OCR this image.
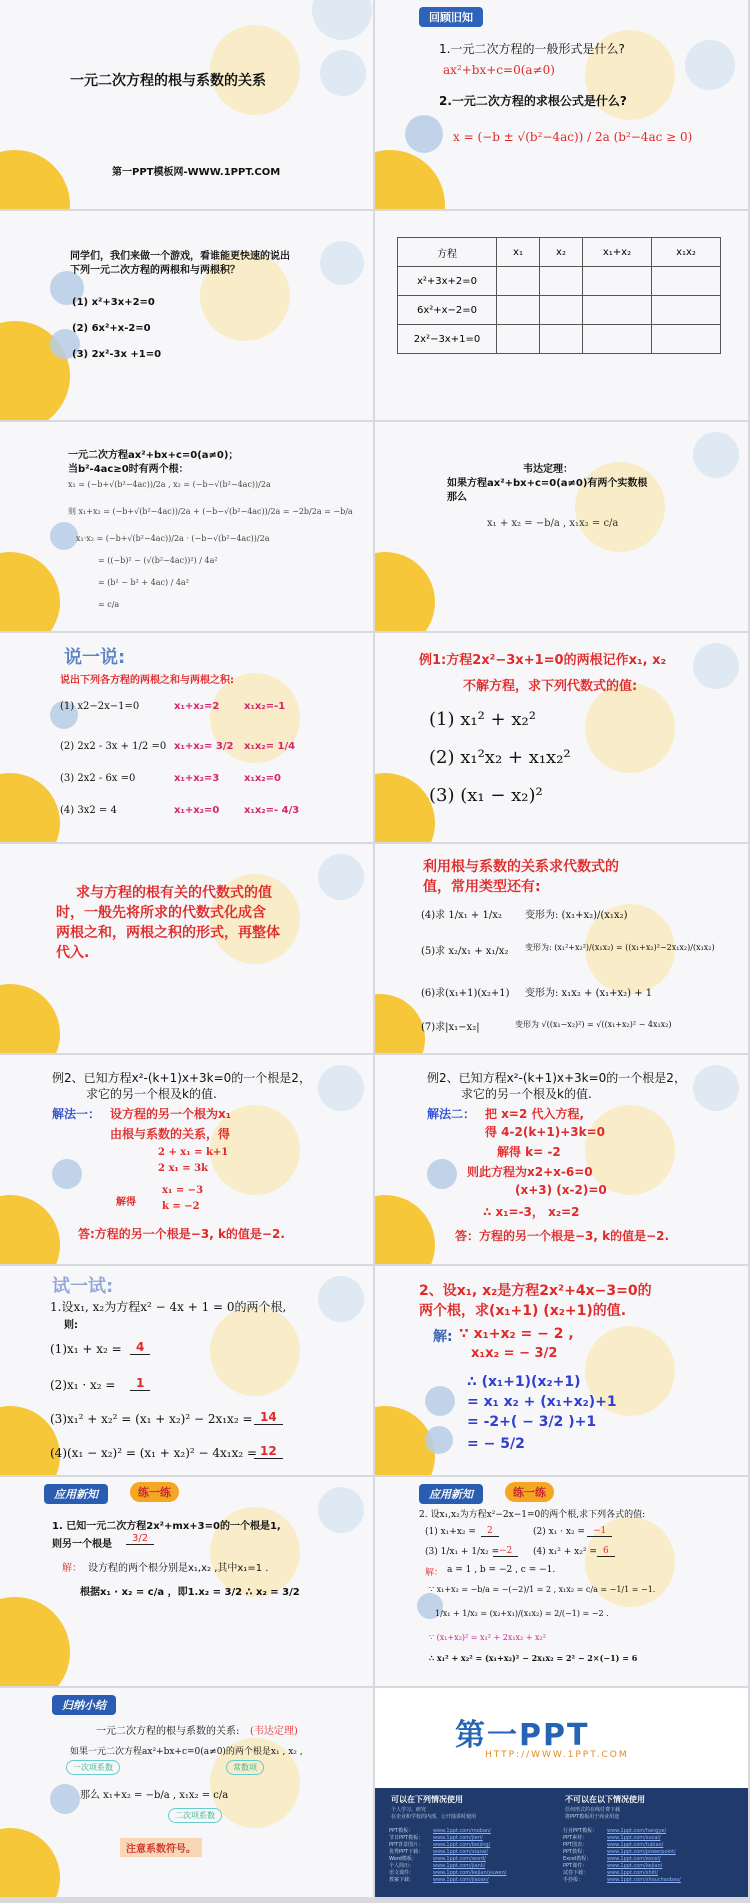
一元二次方程的根与系数的关系
第一PPT模板网-WWW.1PPT.COM
回顾旧知
1.一元二次方程的一般形式是什么?
ax²+bx+c=0(a≠0)
2.一元二次方程的求根公式是什么?
x = (−b ± √(b²−4ac)) / 2a (b²−4ac ≥ 0)
同学们，我们来做一个游戏，看谁能更快速的说出
下列一元二次方程的两根和与两根积？
(1) x²+3x+2=0
(2) 6x²+x-2=0
(3) 2x²-3x +1=0
方程	x₁	x₂	x₁+x₂	x₁x₂
x²+3x+2=0				
6x²+x−2=0				
2x²−3x+1=0				
一元二次方程ax²+bx+c=0(a≠0)；
当b²-4ac≥0时有两个根：
x₁ = (−b+√(b²−4ac))/2a , x₂ = (−b−√(b²−4ac))/2a
则 x₁+x₂ = (−b+√(b²−4ac))/2a + (−b−√(b²−4ac))/2a = −2b/2a = −b/a
x₁·x₂ = (−b+√(b²−4ac))/2a · (−b−√(b²−4ac))/2a
= ((−b)² − (√(b²−4ac))²) / 4a²
= (b² − b² + 4ac) / 4a²
= c/a
韦达定理：
如果方程ax²+bx+c=0(a≠0)有两个实数根
那么
x₁ + x₂ = −b/a , x₁x₂ = c/a
说一说:
说出下列各方程的两根之和与两根之积:
(1) x2−2x−1=0	x₁+x₂=2 x₁x₂=-1
(2) 2x2 - 3x + 1/2 =0 x₁+x₂= 3/2 x₁x₂= 1/4
(3) 2x2 - 6x =0	x₁+x₂=3 x₁x₂=0
(4) 3x2 = 4	x₁+x₂=0 x₁x₂=- 4/3
例1:方程2x²−3x+1=0的两根记作x₁, x₂
不解方程，求下列代数式的值:
(1) x₁² + x₂²
(2) x₁²x₂ + x₁x₂²
(3) (x₁ − x₂)²
求与方程的根有关的代数式的值
时，一般先将所求的代数式化成含
两根之和，两根之积的形式，再整体
代入.
利用根与系数的关系求代数式的
值，常用类型还有:
(4)求 1/x₁ + 1/x₂ 变形为: (x₁+x₂)/(x₁x₂)
(5)求 x₂/x₁ + x₁/x₂ 变形为: (x₁²+x₂²)/(x₁x₂) = ((x₁+x₂)²−2x₁x₂)/(x₁x₂)
(6)求(x₁+1)(x₂+1) 变形为: x₁x₂ + (x₁+x₂) + 1
(7)求|x₁−x₂|	变形为 √((x₁−x₂)²) = √((x₁+x₂)² − 4x₁x₂)
例2、已知方程x²-(k+1)x+3k=0的一个根是2，
求它的另一个根及k的值.
解法一： 设方程的另一个根为x₁
由根与系数的关系，得
2 + x₁ = k+1
2 x₁ = 3k
解得
x₁ = −3
k = −2
答:方程的另一个根是−3, k的值是−2.
例2、已知方程x²-(k+1)x+3k=0的一个根是2，
求它的另一个根及k的值.
解法二： 把 x=2 代入方程,
得 4-2(k+1)+3k=0
解得 k= -2
则此方程为x2+x-6=0
(x+3) (x-2)=0
∴ x₁=-3， x₂=2
答：方程的另一个根是−3, k的值是−2.
试一试:
1.设x₁, x₂为方程x² − 4x + 1 = 0的两个根,
则:
(1)x₁ + x₂ =	4
(2)x₁ · x₂ =	1
(3)x₁² + x₂² = (x₁ + x₂)² − 2x₁x₂ = 14
(4)(x₁ − x₂)² = (x₁ + x₂)² − 4x₁x₂ = 12
2、设x₁, x₂是方程2x²+4x−3=0的
两个根，求(x₁+1) (x₂+1)的值.
解: ∵ x₁+x₂ = − 2 ,
x₁x₂ = − 3/2
∴ (x₁+1)(x₂+1)
= x₁ x₂ + (x₁+x₂)+1
= -2+( − 3/2 )+1
= − 5/2
应用新知	练一练
1. 已知一元二次方程2x²+mx+3=0的一个根是1,
则另一个根是
3/2
解： 设方程的两个根分别是x₁,x₂ ,其中x₁=1 .
根据x₁ · x₂ = c/a ，即1.x₂ = 3/2 ∴ x₂ = 3/2
应用新知	练一练
2. 设x₁,x₂为方程x²−2x−1=0的两个根,求下列各式的值:
(1) x₁+x₂ =	2	(2) x₁ · x₂ = −1
(3) 1/x₁ + 1/x₂ = −2	(4) x₁² + x₂² = 6
解： a = 1 , b = −2 , c = −1.
∵ x₁+x₂ = −b/a = −(−2)/1 = 2 , x₁x₂ = c/a = −1/1 = −1.
1/x₁ + 1/x₂ = (x₂+x₁)/(x₁x₂) = 2/(−1) = −2 .
∵ (x₁+x₂)² = x₁² + 2x₁x₂ + x₂²
∴ x₁² + x₂² = (x₁+x₂)² − 2x₁x₂ = 2² − 2×(−1) = 6
归纳小结
一元二次方程的根与系数的关系: (韦达定理)
如果一元二次方程ax²+bx+c=0(a≠0)的两个根是x₁ , x₂ ,
一次项系数	常数项
那么 x₁+x₂ = −b/a , x₁x₂ = c/a
二次项系数
注意系数符号。
第一PPT
HTTP://WWW.1PPT.COM
可以在下列情况使用
个人学习、研究
在企业和学校的内部，公开演讲时使用
不可以在以下情况使用
任何形式的在线付费下载
将PPT模板用于商业用途
PPT模板：	www.1ppt.com/moban/
节日PPT模板： www.1ppt.com/jieri/
PPT背景图片： www.1ppt.com/beijing/
优秀PPT下载： www.1ppt.com/xiazai/
Word模板：	www.1ppt.com/word/
个人简历：	www.1ppt.com/jianli/
语文课件：	www.1ppt.com/kejian/yuwen/
教案下载：	www.1ppt.com/jiaoan/
行业PPT模板： www.1ppt.com/hangye/
PPT素材：	www.1ppt.com/sucai/
PPT图表：	www.1ppt.com/tubiao/
PPT教程：	www.1ppt.com/powerpoint/
Excel教程：	www.1ppt.com/excel/
PPT课件：	www.1ppt.com/kejian/
试卷下载：	www.1ppt.com/shiti/
手抄报：	www.1ppt.com/shouchaobao/
